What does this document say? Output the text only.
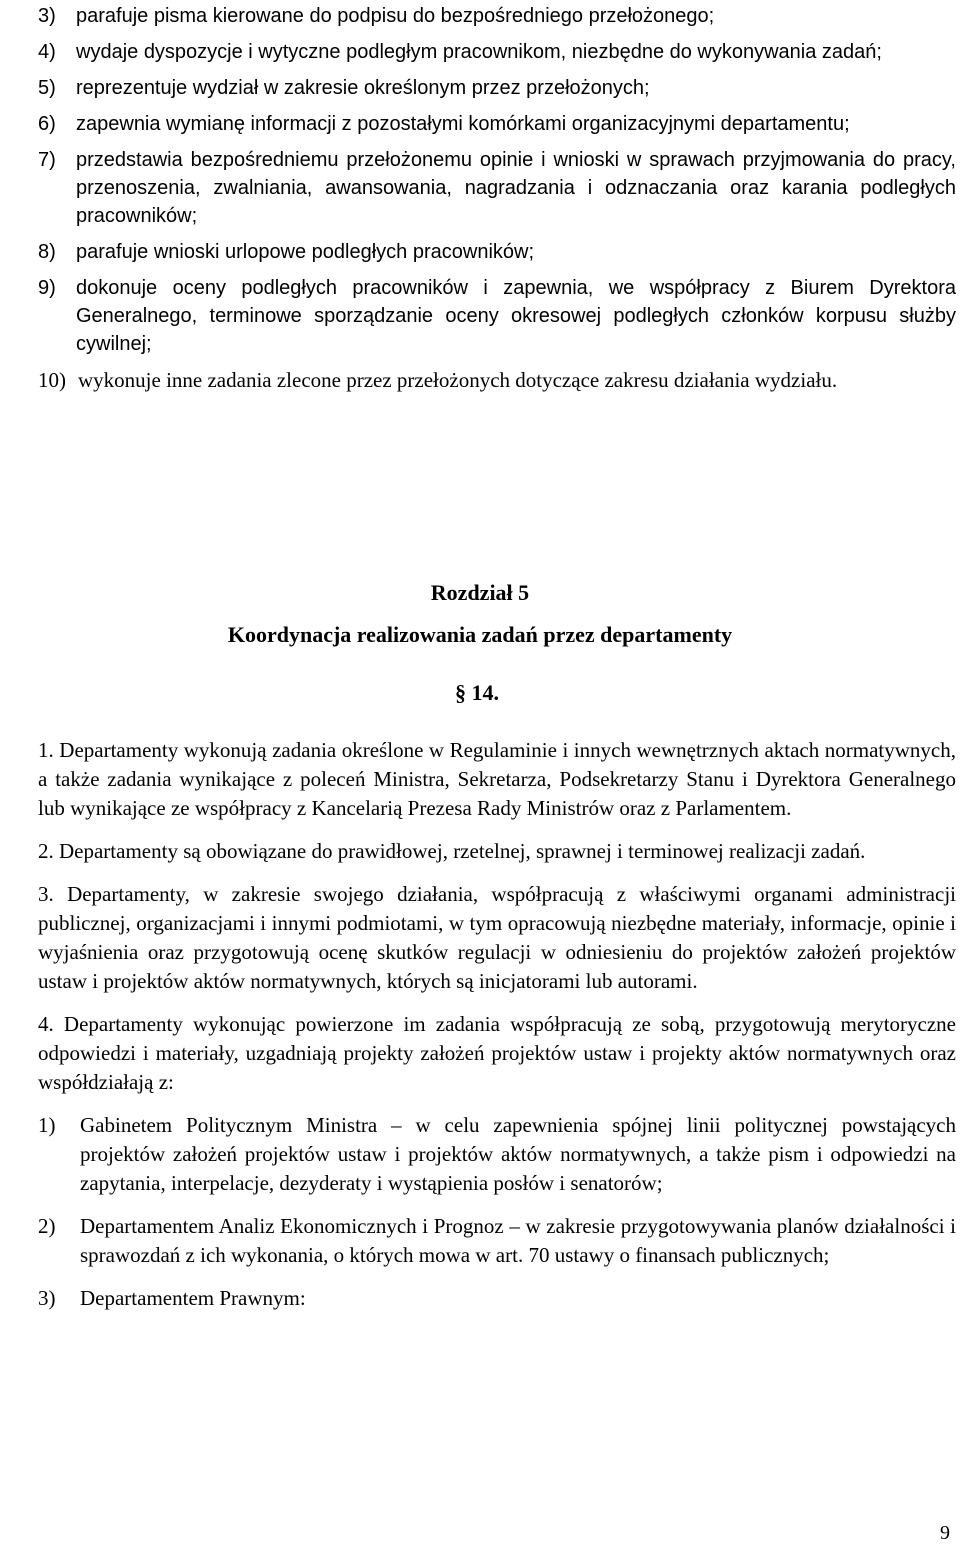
3)	parafuje pisma kierowane do podpisu do bezpośredniego przełożonego;
4)	wydaje dyspozycje i wytyczne podległym pracownikom, niezbędne do wykonywania zadań;
5)	reprezentuje wydział w zakresie określonym przez przełożonych;
6)	zapewnia wymianę informacji z pozostałymi komórkami organizacyjnymi departamentu;
7)	przedstawia bezpośredniemu przełożonemu opinie i wnioski w sprawach przyjmowania do pracy, przenoszenia, zwalniania, awansowania, nagradzania i odznaczania oraz karania podległych pracowników;
8)	parafuje wnioski urlopowe podległych pracowników;
9)	dokonuje oceny podległych pracowników i zapewnia, we współpracy z Biurem Dyrektora Generalnego, terminowe sporządzanie oceny okresowej podległych członków korpusu służby cywilnej;
10) wykonuje inne zadania zlecone przez przełożonych dotyczące zakresu działania wydziału.
Rozdział 5
Koordynacja realizowania zadań przez departamenty
§ 14.
1. Departamenty wykonują zadania określone w Regulaminie i innych wewnętrznych aktach normatywnych, a także zadania wynikające z poleceń Ministra, Sekretarza, Podsekretarzy Stanu i Dyrektora Generalnego lub wynikające ze współpracy z Kancelarią Prezesa Rady Ministrów oraz z Parlamentem.
2. Departamenty są obowiązane do prawidłowej, rzetelnej, sprawnej i terminowej realizacji zadań.
3. Departamenty, w zakresie swojego działania, współpracują z właściwymi organami administracji publicznej, organizacjami i innymi podmiotami, w tym opracowują niezbędne materiały, informacje, opinie i wyjaśnienia oraz przygotowują ocenę skutków regulacji w odniesieniu do projektów założeń projektów ustaw i projektów aktów normatywnych, których są inicjatorami lub autorami.
4. Departamenty wykonując powierzone im zadania współpracują ze sobą, przygotowują merytoryczne odpowiedzi i materiały, uzgadniają projekty założeń projektów ustaw i projekty aktów normatywnych oraz współdziałają z:
1)	Gabinetem Politycznym Ministra – w celu zapewnienia spójnej linii politycznej powstających projektów założeń projektów ustaw i projektów aktów normatywnych, a także pism i odpowiedzi na zapytania, interpelacje, dezyderaty i wystąpienia posłów i senatorów;
2)	Departamentem Analiz Ekonomicznych i Prognoz – w zakresie przygotowywania planów działalności i sprawozdań z ich wykonania, o których mowa w art. 70 ustawy o finansach publicznych;
3)	Departamentem Prawnym:
9
